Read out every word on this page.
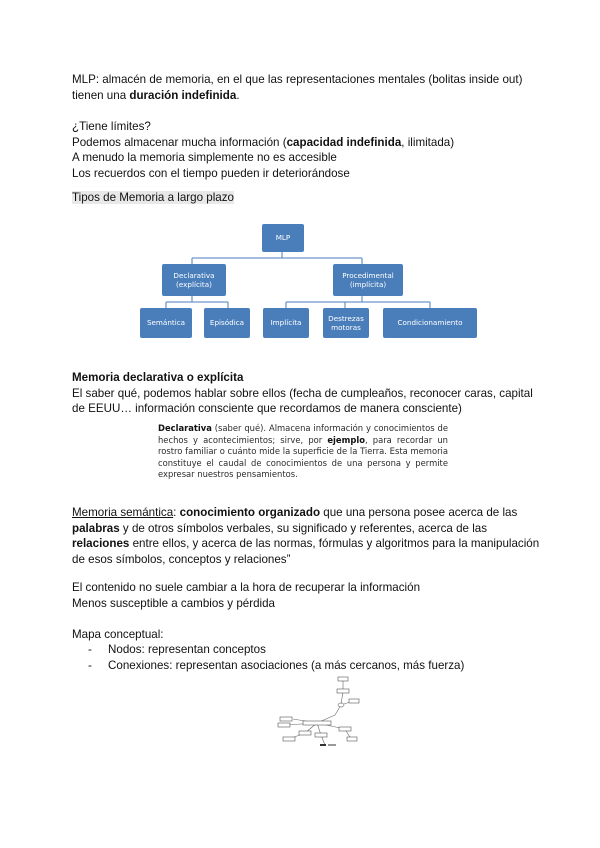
MLP: almacén de memoria, en el que las representaciones mentales (bolitas inside out)
tienen una duración indefinida.

¿Tiene límites?
Podemos almacenar mucha información (capacidad indefinida, ilimitada)
A menudo la memoria simplemente no es accesible
Los recuerdos con el tiempo pueden ir deteriorándose

Tipos de Memoria a largo plazo

MLP
Declarativa
(explícita)
Procedimental
(implícita)
Semántica	Episódica	Implícita
Destrezas
motoras
Condicionamiento

Memoria declarativa o explícita
El saber qué, podemos hablar sobre ellos (fecha de cumpleaños, reconocer caras, capital de EEUU… información consciente que recordamos de manera consciente)

Declarativa (saber qué). Almacena información y conocimientos de hechos y acontecimientos; sirve, por ejemplo, para recordar un rostro familiar o cuánto mide la superficie de la Tierra. Esta memoria constituye el caudal de conocimientos de una persona y permite expresar nuestros pensamientos.

Memoria semántica: conocimiento organizado que una persona posee acerca de las palabras y de otros símbolos verbales, su significado y referentes, acerca de las relaciones entre ellos, y acerca de las normas, fórmulas y algoritmos para la manipulación de esos símbolos, conceptos y relaciones”

El contenido no suele cambiar a la hora de recuperar la información
Menos susceptible a cambios y pérdida

Mapa conceptual:

- Nodos: representan conceptos
- Conexiones: representan asociaciones (a más cercanos, más fuerza)
